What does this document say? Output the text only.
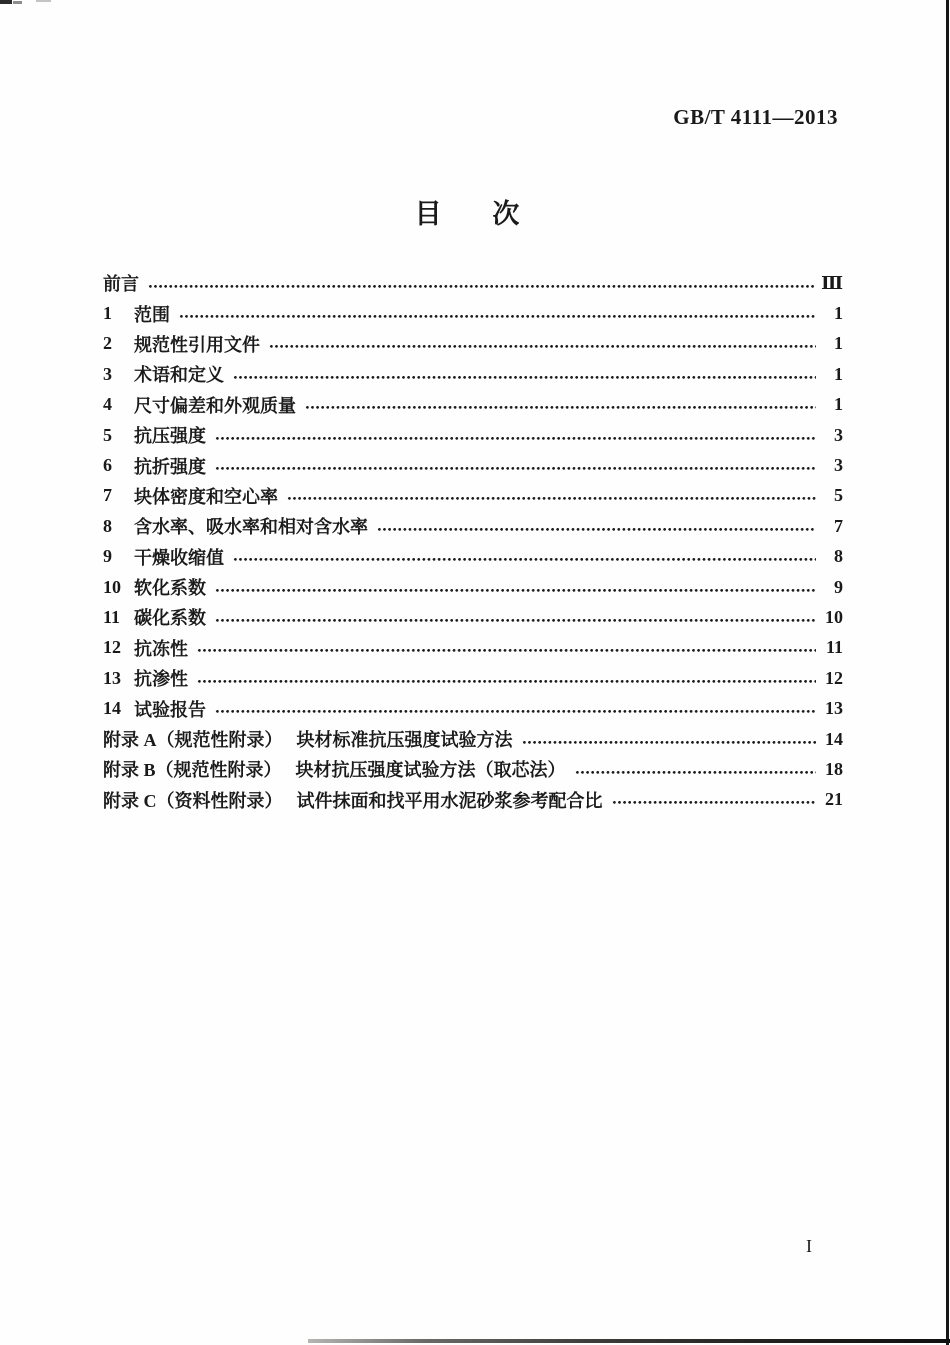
GB/T 4111—2013
目 次
前言	Ⅲ
1	范围	1
2	规范性引用文件	1
3	术语和定义	1
4	尺寸偏差和外观质量	1
5	抗压强度	3
6	抗折强度	3
7	块体密度和空心率	5
8	含水率、吸水率和相对含水率	7
9	干燥收缩值	8
10 软化系数	9
11 碳化系数	10
12 抗冻性	11
13 抗渗性	12
14 试验报告	13
附录 A（规范性附录） 块材标准抗压强度试验方法	14
附录 B（规范性附录） 块材抗压强度试验方法（取芯法）	18
附录 C（资料性附录） 试件抹面和找平用水泥砂浆参考配合比	21
I
